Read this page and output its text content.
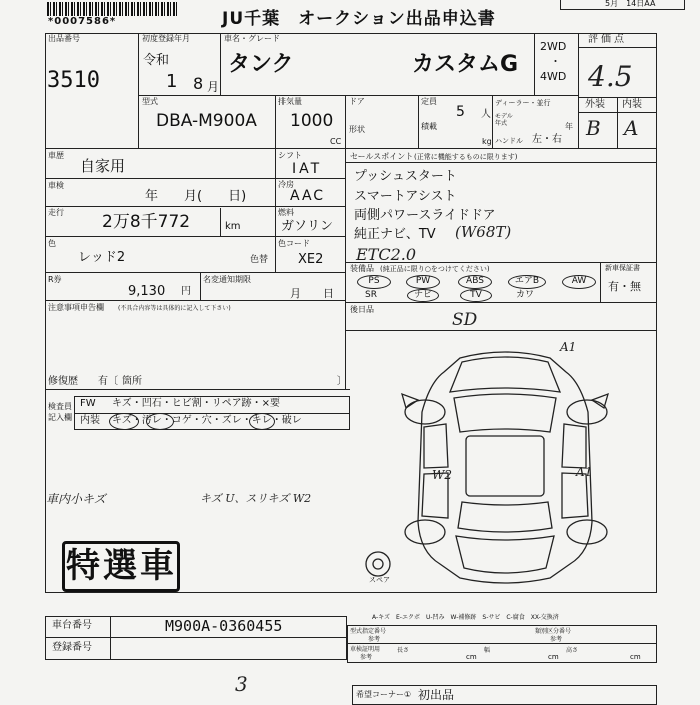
*0007586*	JU千葉　オークション出品申込書
5月　14日AA
出品番号
3510
初度登録年月
令和
1 8 月
車名・グレード
タンク	カスタムG
2WD
・
4WD
評価点
4.5
型式
DBA-M900A
排気量
1000
CC
ドア
形状
定員
5 人
積載
kg
ディーラー・並行
モデル年式	年
ハンドル 左・右
外装 内装
B A
車歴
自家用
車検
年　　月(　　日)
走行 2万8千772	km
色
レッド2	色替
R券
9,130 円
名変通知期限
月　　日
注意事項申告欄 (不具合内容等は具体的に記入して下さい)
修復歴 有〔 箇所	〕
シフト
IAT
冷房
AAC
燃料
ガソリン
色コード
XE2
セールスポイント (正常に機能するものに限ります)
プッシュスタート
スマートアシスト
両側パワースライドドア
純正ナビ、TV (W68T)
ETC2.0
装備品 (純正品に限り○をつけてください)	新車保証書
有・無
PS	PW	ABS	エアB	AW
SR	ナビ	TV	カワ
後日品
SD
検査員記入欄
FW キズ・凹石・ヒビ割・リペア跡・×要
内装 キズ・汚レ・コゲ・穴・ズレ・キレ・破レ
車内小キズ	キズ U、スリキズ W2
特選車	スペア
A1
W2	A1
A-キズ　E-エクボ　U-凹み　W-補修跡　S-サビ　C-腐食　XX-交換済
車台番号	M900A-0360455
登録番号
型式指定番号
参考
類別区分番号
参考
車検証明用
参考
長さ
cm
幅
cm
高さ
cm
3	希望コーナー① 初出品
